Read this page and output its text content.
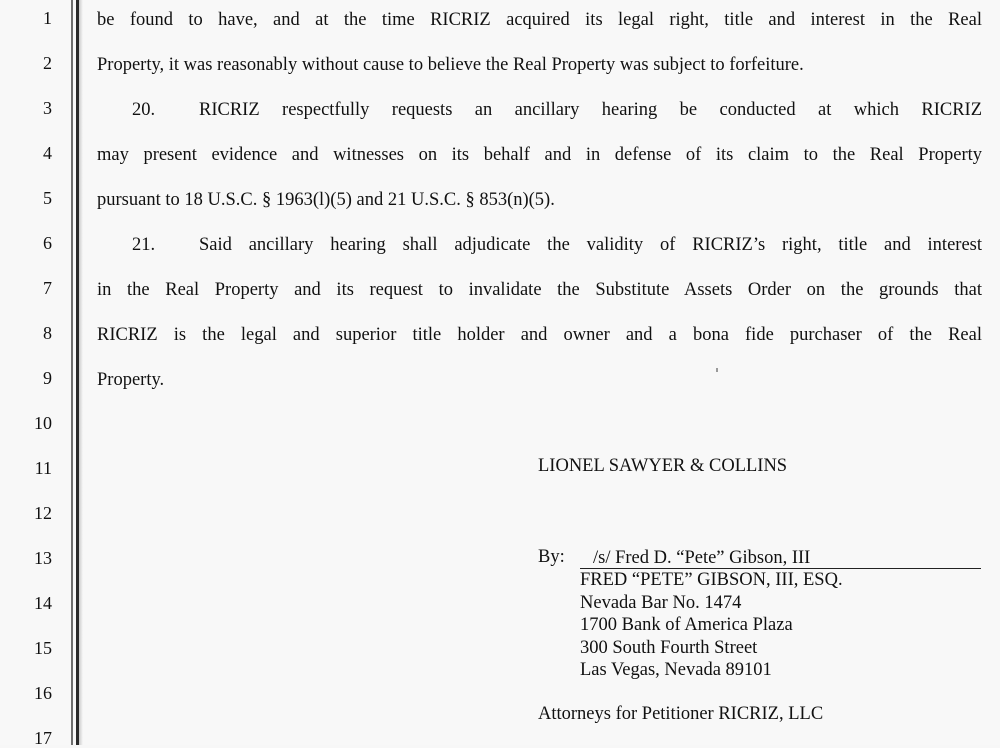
1
2
3
4
5
6
7
8
9
10
11
12
13
14
15
16
17
be found to have, and at the time RICRIZ acquired its legal right, title and interest in the Real
Property, it was reasonably without cause to believe the Real Property was subject to forfeiture.
20. RICRIZ respectfully requests an ancillary hearing be conducted at which RICRIZ
may present evidence and witnesses on its behalf and in defense of its claim to the Real Property
pursuant to 18 U.S.C. § 1963(l)(5) and 21 U.S.C. § 853(n)(5).
21. Said ancillary hearing shall adjudicate the validity of RICRIZ’s right, title and interest
in the Real Property and its request to invalidate the Substitute Assets Order on the grounds that
RICRIZ is the legal and superior title holder and owner and a bona fide purchaser of the Real
Property.
LIONEL SAWYER & COLLINS
By:	/s/ Fred D. “Pete” Gibson, III
FRED “PETE” GIBSON, III, ESQ.
Nevada Bar No. 1474
1700 Bank of America Plaza
300 South Fourth Street
Las Vegas, Nevada 89101
Attorneys for Petitioner RICRIZ, LLC
